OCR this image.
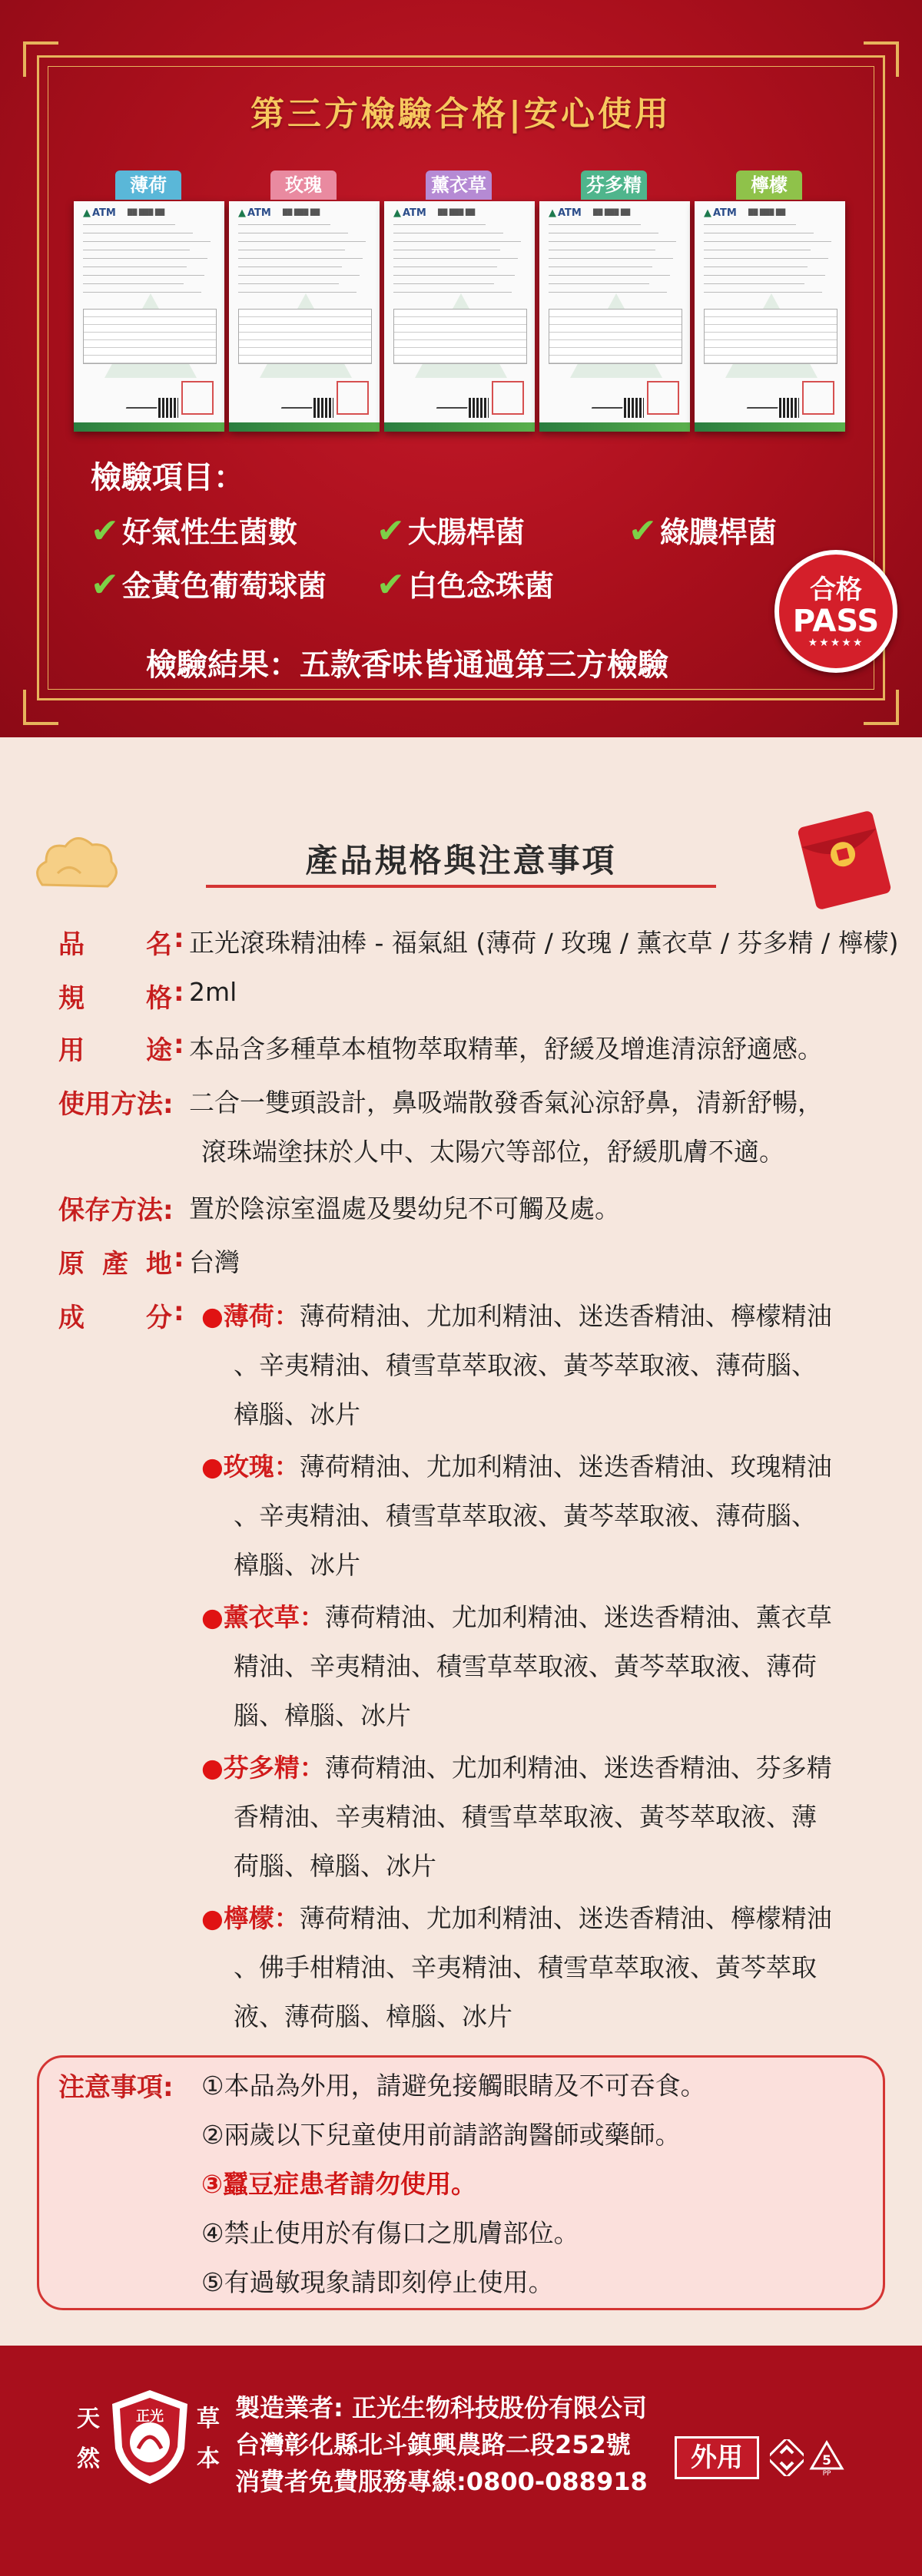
第三方檢驗合格|安心使用
▲ ATM ██ ███ ██
薄荷
▲ ATM ██ ███ ██
玫瑰
▲ ATM ██ ███ ██
薰衣草
▲ ATM ██ ███ ██
芬多精
▲ ATM ██ ███ ██
檸檬
檢驗項目：
✔ 好氣性生菌數 ✔ 大腸桿菌	✔ 綠膿桿菌
✔ 金黃色葡萄球菌 ✔ 白色念珠菌
檢驗結果：五款香味皆通過第三方檢驗
合格
PASS
★★★★★
產品規格與注意事項
品 名 : 正光滾珠精油棒 - 福氣組 (薄荷 / 玫瑰 / 薰衣草 / 芬多精 / 檸檬)
規 格 : 2ml
用 途 : 本品含多種草本植物萃取精華，舒緩及增進清涼舒適感。
使用方法: 二合一雙頭設計，鼻吸端散發香氣沁涼舒鼻，清新舒暢，
滾珠端塗抹於人中、太陽穴等部位，舒緩肌膚不適。
保存方法: 置於陰涼室溫處及嬰幼兒不可觸及處。
原 產 地 : 台灣
成 分 : ●薄荷：薄荷精油、尤加利精油、迷迭香精油、檸檬精油
、辛夷精油、積雪草萃取液、黃芩萃取液、薄荷腦、
樟腦、冰片
●玫瑰：薄荷精油、尤加利精油、迷迭香精油、玫瑰精油
、辛夷精油、積雪草萃取液、黃芩萃取液、薄荷腦、
樟腦、冰片
●薰衣草：薄荷精油、尤加利精油、迷迭香精油、薰衣草
精油、辛夷精油、積雪草萃取液、黃芩萃取液、薄荷
腦、樟腦、冰片
●芬多精：薄荷精油、尤加利精油、迷迭香精油、芬多精
香精油、辛夷精油、積雪草萃取液、黃芩萃取液、薄
荷腦、樟腦、冰片
●檸檬：薄荷精油、尤加利精油、迷迭香精油、檸檬精油
、佛手柑精油、辛夷精油、積雪草萃取液、黃芩萃取
液、薄荷腦、樟腦、冰片
注意事項: ①本品為外用，請避免接觸眼睛及不可吞食。
②兩歲以下兒童使用前請諮詢醫師或藥師。
③蠶豆症患者請勿使用。
④禁止使用於有傷口之肌膚部位。
⑤有過敏現象請即刻停止使用。
天
然
草
本
正光	製造業者: 正光生物科技股份有限公司
台灣彰化縣北斗鎮興農路二段252號
消費者免費服務專線:0800-088918
外用	5
PP
